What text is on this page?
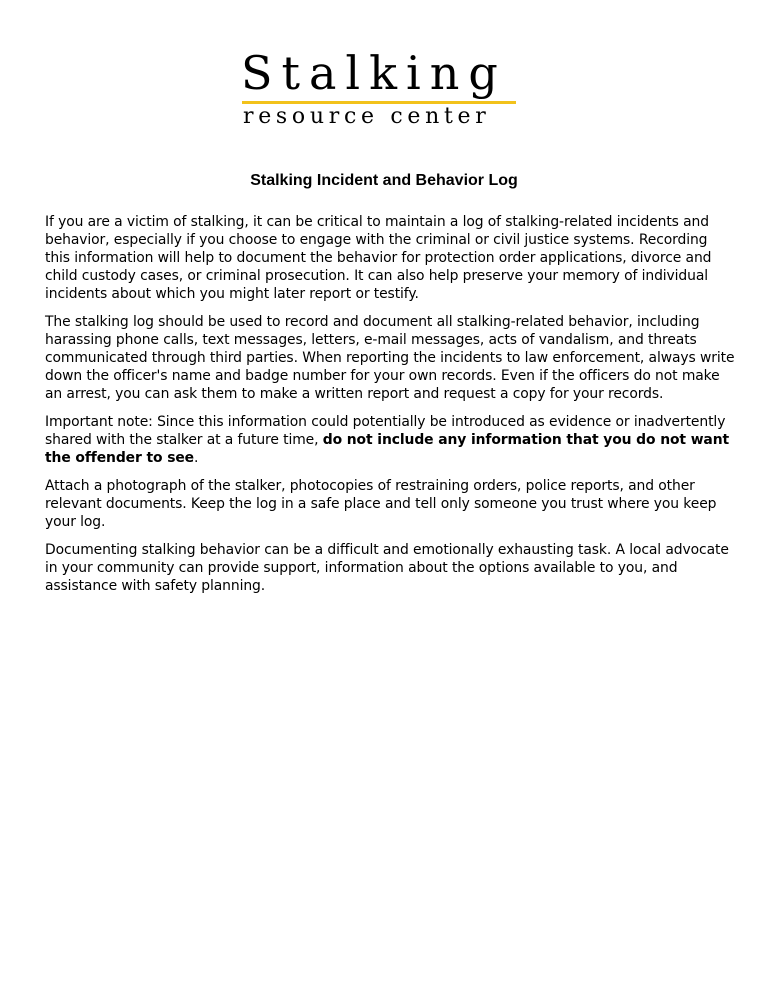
Stalking
resource center
Stalking Incident and Behavior Log

If you are a victim of stalking, it can be critical to maintain a log of stalking-related incidents and behavior, especially if you choose to engage with the criminal or civil justice systems. Recording this information will help to document the behavior for protection order applications, divorce and child custody cases, or criminal prosecution. It can also help preserve your memory of individual incidents about which you might later report or testify.

The stalking log should be used to record and document all stalking-related behavior, including harassing phone calls, text messages, letters, e-mail messages, acts of vandalism, and threats communicated through third parties. When reporting the incidents to law enforcement, always write down the officer's name and badge number for your own records. Even if the officers do not make an arrest, you can ask them to make a written report and request a copy for your records.

Important note: Since this information could potentially be introduced as evidence or inadvertently shared with the stalker at a future time, do not include any information that you do not want the offender to see.

Attach a photograph of the stalker, photocopies of restraining orders, police reports, and other relevant documents. Keep the log in a safe place and tell only someone you trust where you keep your log.

Documenting stalking behavior can be a difficult and emotionally exhausting task. A local advocate in your community can provide support, information about the options available to you, and assistance with safety planning.
